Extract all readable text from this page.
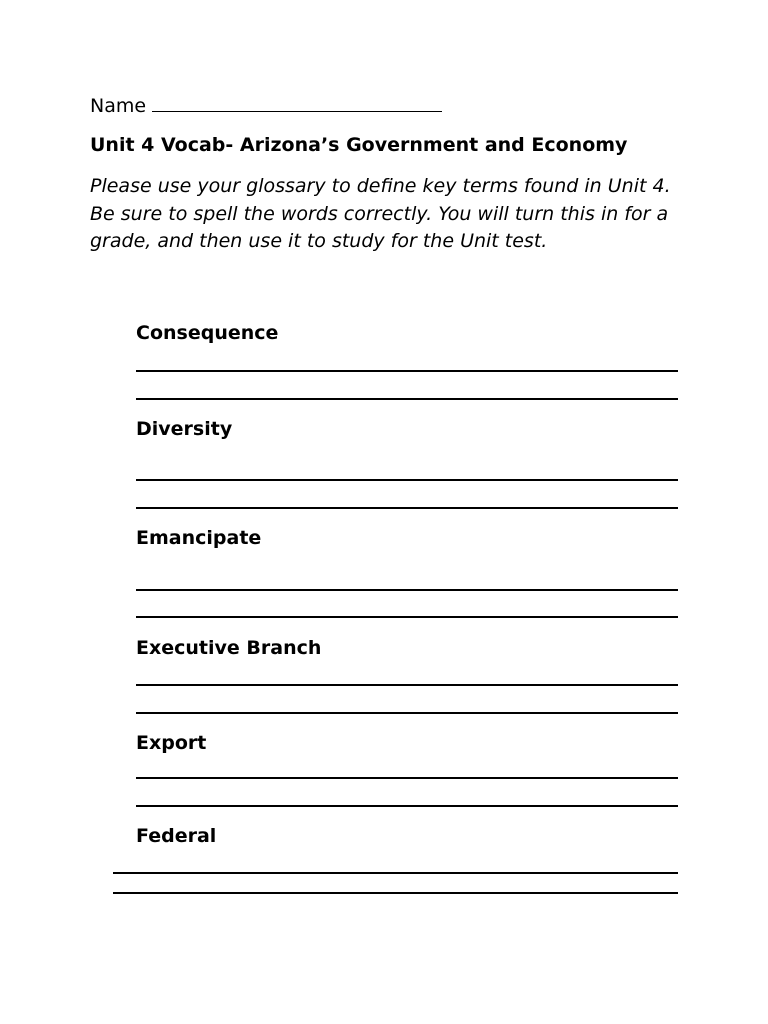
Name
Unit 4 Vocab- Arizona’s Government and Economy
Please use your glossary to define key terms found in Unit 4. Be sure to spell the words correctly. You will turn this in for a grade, and then use it to study for the Unit test.
Consequence
Diversity
Emancipate
Executive Branch
Export
Federal
